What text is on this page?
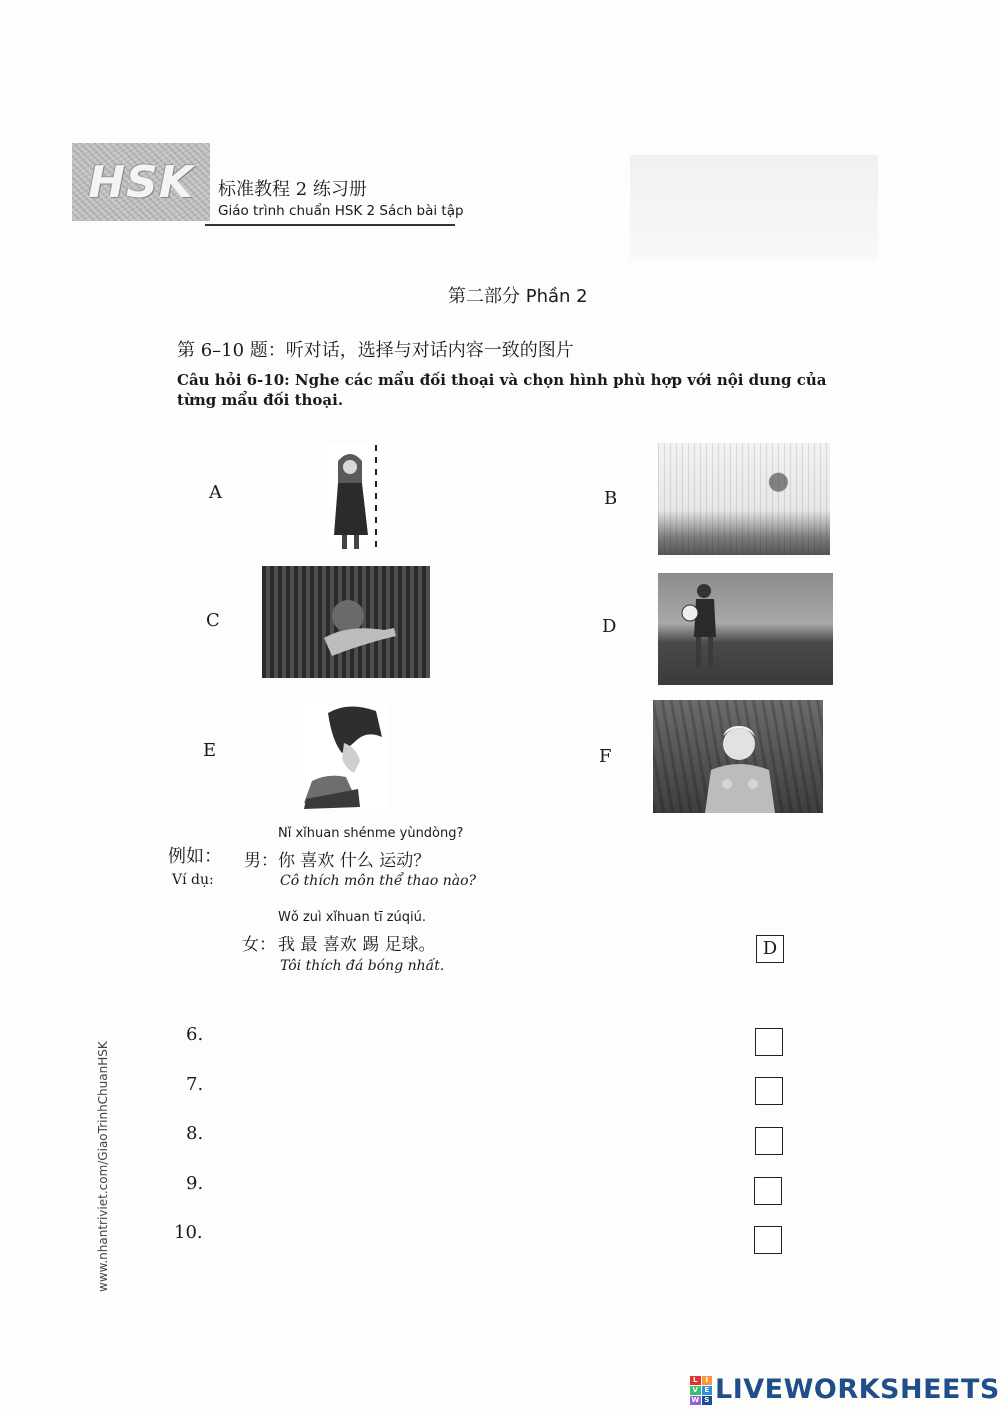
HSK 标准教程 2 练习册
Giáo trình chuẩn HSK 2 Sách bài tập
第二部分 Phần 2
第 6–10 题：听对话，选择与对话内容一致的图片
Câu hỏi 6-10: Nghe các mẩu đối thoại và chọn hình phù hợp với nội dung của từng mẩu đối thoại.
A	B
C	D
E	F
例如：
Ví dụ:
Nǐ xǐhuan shénme yùndòng?
男： 你 喜欢 什么 运动？
Cô thích môn thể thao nào?
Wǒ zuì xǐhuan tī zúqiú.
女： 我 最 喜欢 踢 足球。
Tôi thích đá bóng nhất.
D
6.
7.
8.
9.
10.
www.nhantriviet.com/GiaoTrinhChuanHSK
L	I
V E
W S LIVEWORKSHEETS
